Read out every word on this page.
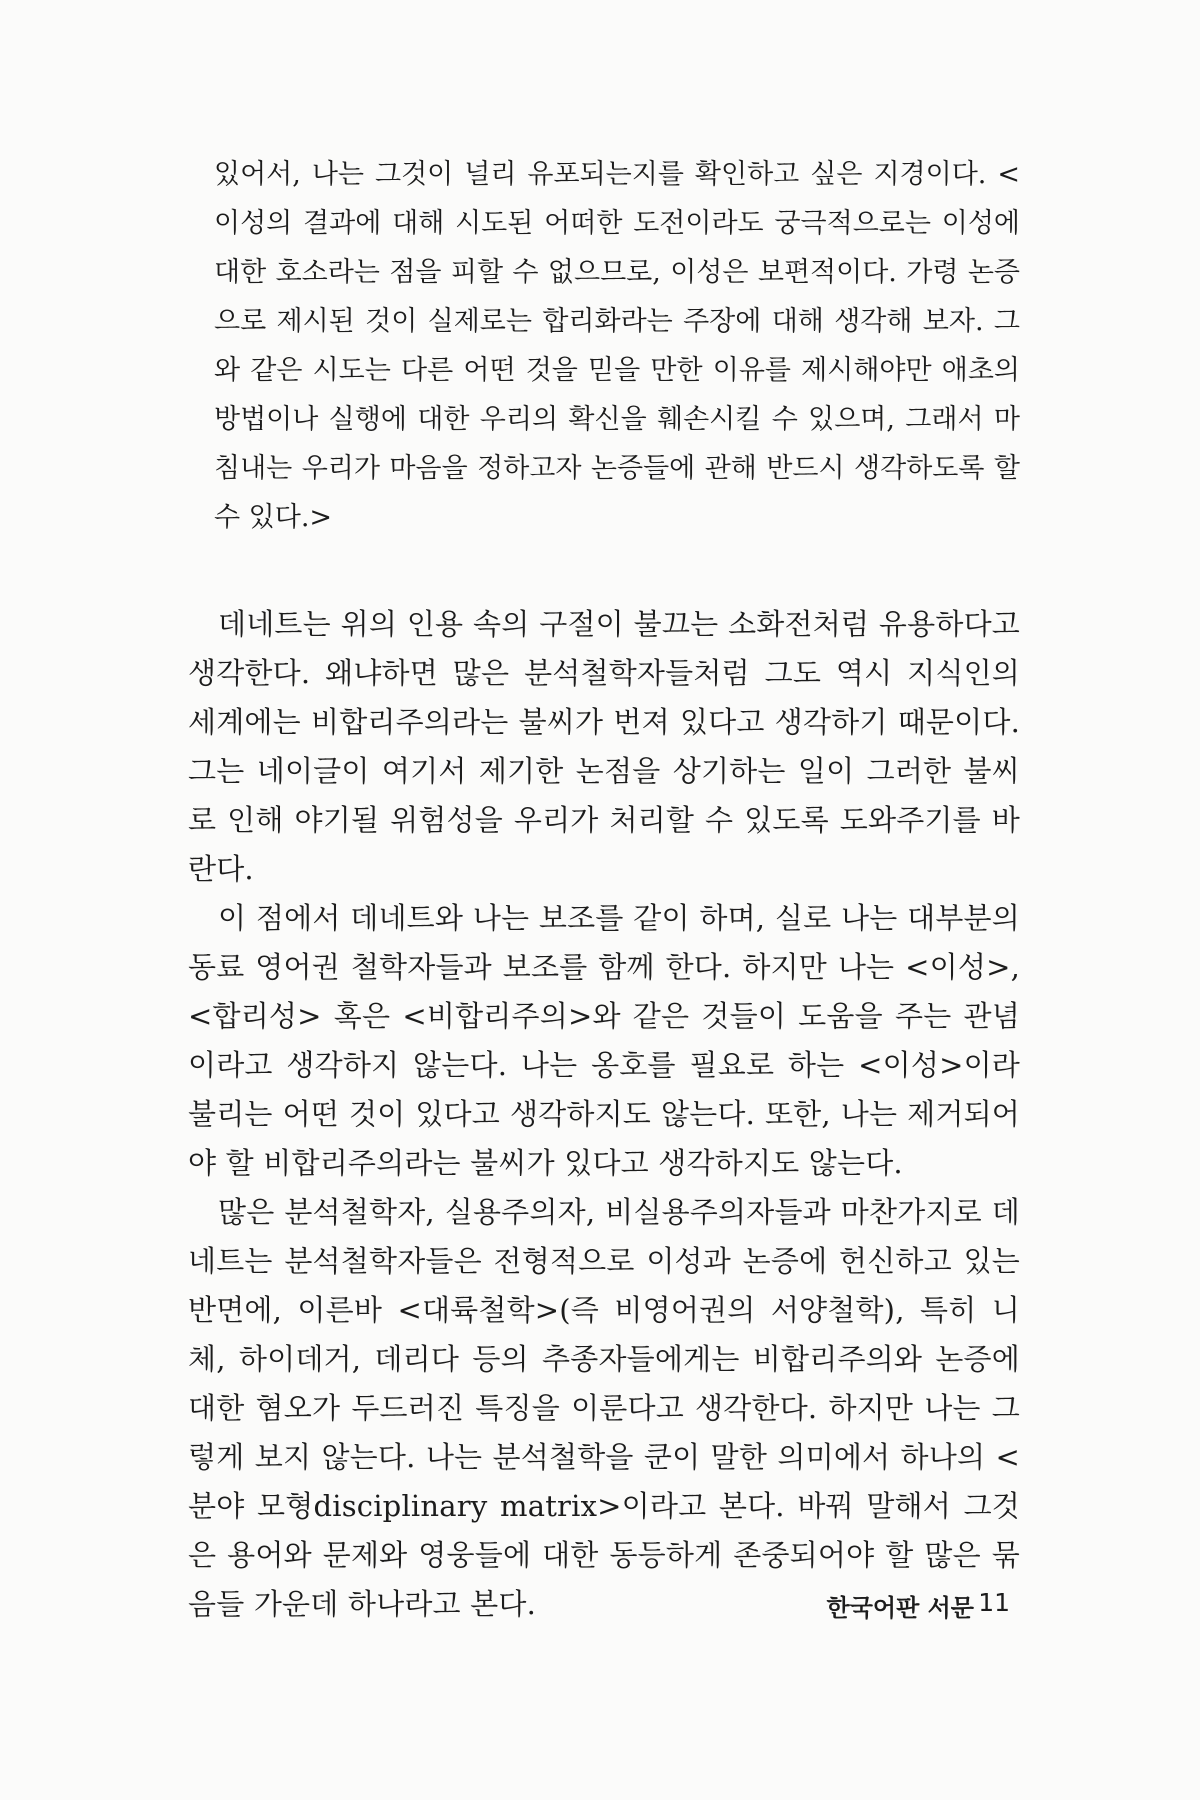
있어서, 나는 그것이 널리 유포되는지를 확인하고 싶은 지경이다. <이성의 결과에 대해 시도된 어떠한 도전이라도 궁극적으로는 이성에 대한 호소라는 점을 피할 수 없으므로, 이성은 보편적이다. 가령 논증으로 제시된 것이 실제로는 합리화라는 주장에 대해 생각해 보자. 그와 같은 시도는 다른 어떤 것을 믿을 만한 이유를 제시해야만 애초의 방법이나 실행에 대한 우리의 확신을 훼손시킬 수 있으며, 그래서 마침내는 우리가 마음을 정하고자 논증들에 관해 반드시 생각하도록 할 수 있다.>

데네트는 위의 인용 속의 구절이 불끄는 소화전처럼 유용하다고 생각한다. 왜냐하면 많은 분석철학자들처럼 그도 역시 지식인의 세계에는 비합리주의라는 불씨가 번져 있다고 생각하기 때문이다. 그는 네이글이 여기서 제기한 논점을 상기하는 일이 그러한 불씨로 인해 야기될 위험성을 우리가 처리할 수 있도록 도와주기를 바란다.

이 점에서 데네트와 나는 보조를 같이 하며, 실로 나는 대부분의 동료 영어권 철학자들과 보조를 함께 한다. 하지만 나는 <이성>, <합리성> 혹은 <비합리주의>와 같은 것들이 도움을 주는 관념이라고 생각하지 않는다. 나는 옹호를 필요로 하는 <이성>이라 불리는 어떤 것이 있다고 생각하지도 않는다. 또한, 나는 제거되어야 할 비합리주의라는 불씨가 있다고 생각하지도 않는다.

많은 분석철학자, 실용주의자, 비실용주의자들과 마찬가지로 데네트는 분석철학자들은 전형적으로 이성과 논증에 헌신하고 있는 반면에, 이른바 <대륙철학>(즉 비영어권의 서양철학), 특히 니체, 하이데거, 데리다 등의 추종자들에게는 비합리주의와 논증에 대한 혐오가 두드러진 특징을 이룬다고 생각한다. 하지만 나는 그렇게 보지 않는다. 나는 분석철학을 쿤이 말한 의미에서 하나의 <분야 모형disciplinary matrix>이라고 본다. 바꿔 말해서 그것은 용어와 문제와 영웅들에 대한 동등하게 존중되어야 할 많은 묶음들 가운데 하나라고 본다.	한국어판 서문 11
